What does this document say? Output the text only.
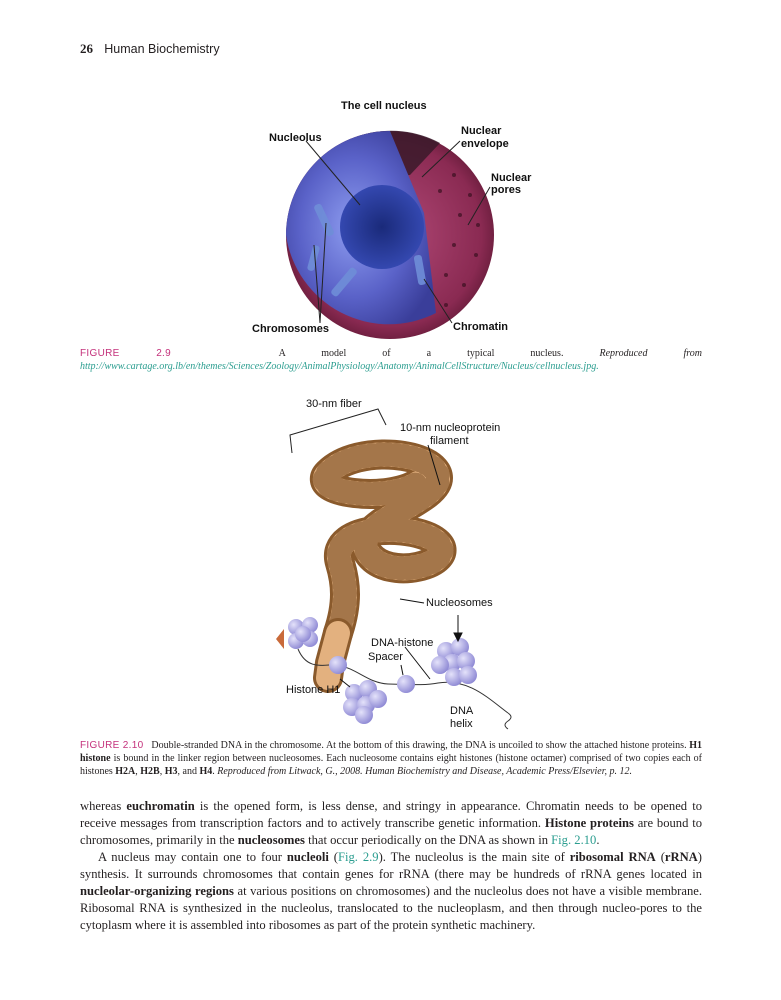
26 Human Biochemistry
The cell nucleus
Nucleolus
Nuclear
envelope
Nuclear
pores
Chromosomes	Chromatin
FIGURE 2.9	A model of a typical nucleus.	Reproduced from http://www.cartage.org.lb/en/themes/Sciences/Zoology/AnimalPhysiology/Anatomy/AnimalCellStructure/Nucleus/cellnucleus.jpg.
30-nm fiber
10-nm nucleoprotein
filament
Nucleosomes
DNA-histone
Spacer
Histone H1
DNA
helix
FIGURE 2.10 Double-stranded DNA in the chromosome. At the bottom of this drawing, the DNA is uncoiled to show the attached histone proteins. H1 histone is bound in the linker region between nucleosomes. Each nucleosome contains eight histones (histone octamer) comprised of two copies each of histones H2A, H2B, H3, and H4. Reproduced from Litwack, G., 2008. Human Biochemistry and Disease, Academic Press/Elsevier, p. 12.

whereas euchromatin is the opened form, is less dense, and stringy in appearance. Chromatin needs to be opened to receive messages from transcription factors and to actively transcribe genetic information. Histone proteins are bound to chromosomes, primarily in the nucleosomes that occur periodically on the DNA as shown in Fig. 2.10.

A nucleus may contain one to four nucleoli (Fig. 2.9). The nucleolus is the main site of ribosomal RNA (rRNA) synthesis. It surrounds chromosomes that contain genes for rRNA (there may be hundreds of rRNA genes located in nucleolar-organizing regions at various positions on chromosomes) and the nucleolus does not have a visible membrane. Ribosomal RNA is synthesized in the nucleolus, translocated to the nucleoplasm, and then through nucleo-pores to the cytoplasm where it is assembled into ribosomes as part of the protein synthetic machinery.
